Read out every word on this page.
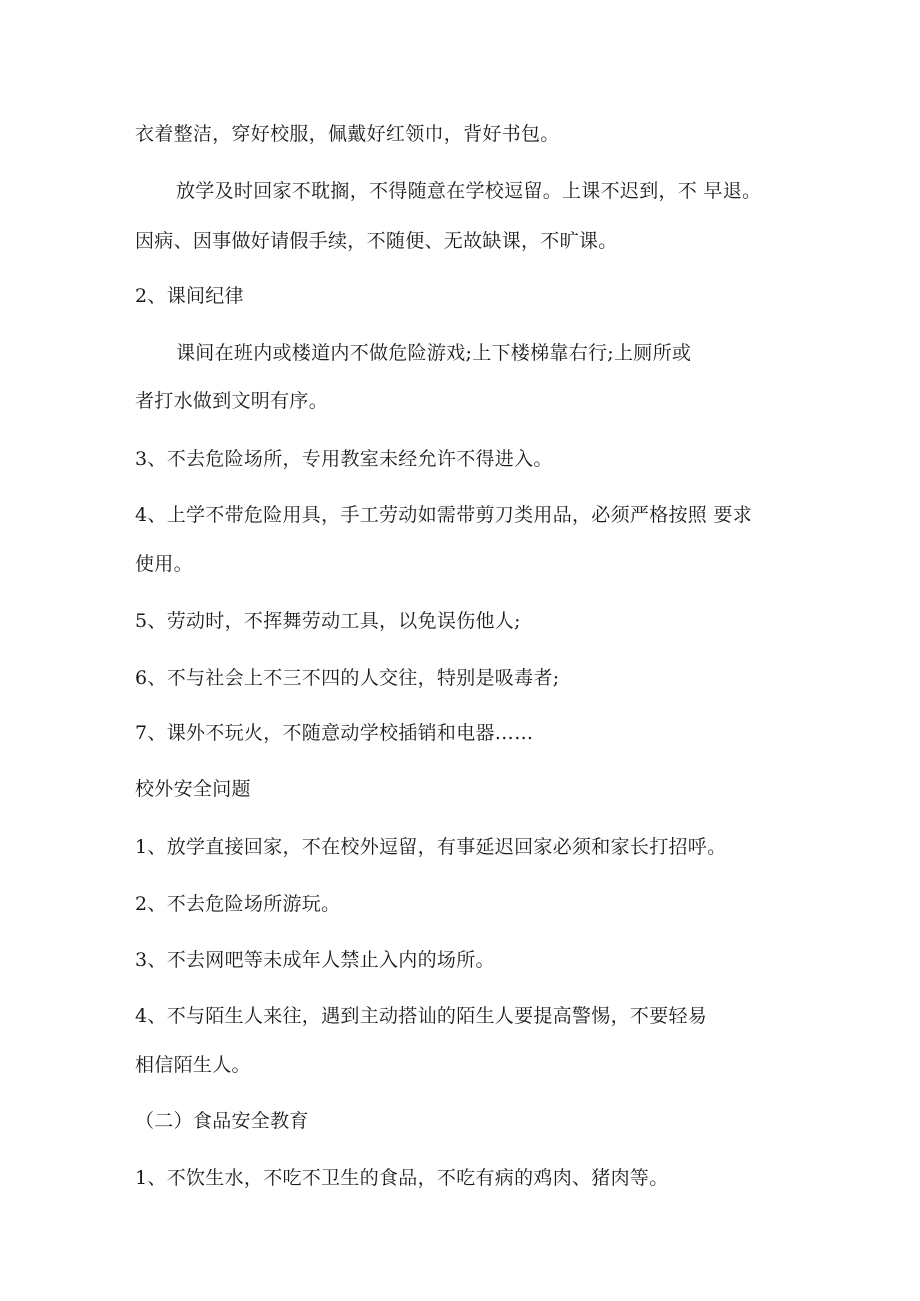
衣着整洁，穿好校服，佩戴好红领巾，背好书包。
放学及时回家不耽搁，不得随意在学校逗留。上课不迟到，不 早退。
因病、因事做好请假手续，不随便、无故缺课，不旷课。
2、课间纪律
课间在班内或楼道内不做危险游戏;上下楼梯靠右行;上厕所或
者打水做到文明有序。
3、不去危险场所，专用教室未经允许不得进入。
4、上学不带危险用具，手工劳动如需带剪刀类用品，必须严格按照 要求
使用。
5、劳动时，不挥舞劳动工具，以免误伤他人;
6、不与社会上不三不四的人交往，特别是吸毒者;
7、课外不玩火，不随意动学校插销和电器……
校外安全问题
1、放学直接回家，不在校外逗留，有事延迟回家必须和家长打招呼。
2、不去危险场所游玩。
3、不去网吧等未成年人禁止入内的场所。
4、不与陌生人来往，遇到主动搭讪的陌生人要提高警惕，不要轻易
相信陌生人。
（二）食品安全教育
1、不饮生水，不吃不卫生的食品，不吃有病的鸡肉、猪肉等。
